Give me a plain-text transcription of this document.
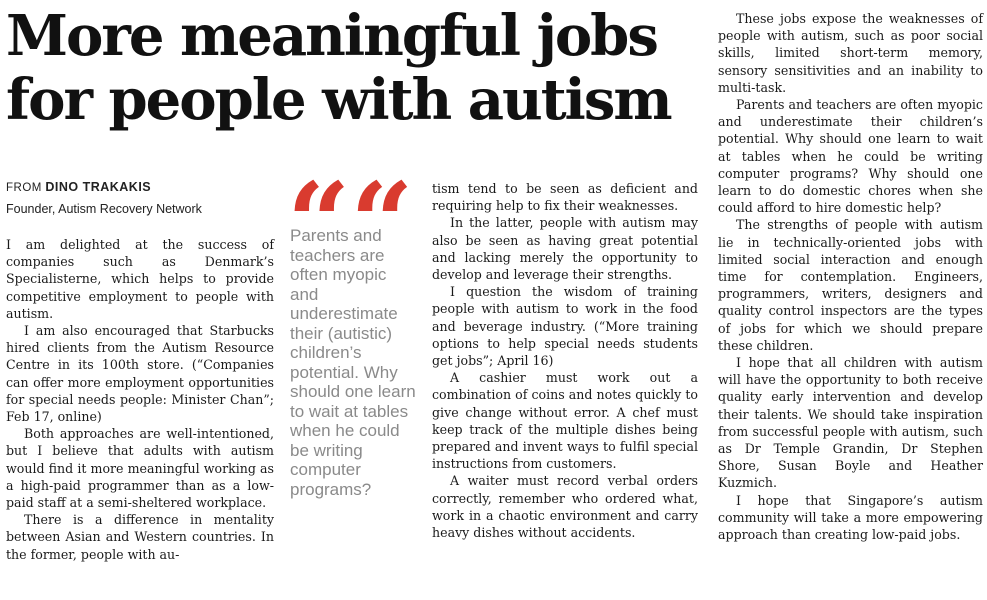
More meaningful jobs for people with autism
FROM DINO TRAKAKIS
Founder, Autism Recovery Network

I am delighted at the success of companies such as Denmark’s Specialisterne, which helps to provide competitive employment to people with autism.

I am also encouraged that Starbucks hired clients from the Autism Resource Centre in its 100th store. (“Companies can offer more employment opportunities for special needs people: Minister Chan”; Feb 17, online)

Both approaches are well-intentioned, but I believe that adults with autism would find it more meaningful working as a high-paid programmer than as a low-paid staff at a semi-sheltered workplace.

There is a difference in mentality between Asian and Western countries. In the former, people with au-

Parents and teachers are often myopic and underestimate their (autistic) children’s potential. Why should one learn to wait at tables when he could be writing computer programs?

tism tend to be seen as deficient and requiring help to fix their weaknesses.

In the latter, people with autism may also be seen as having great potential and lacking merely the opportunity to develop and leverage their strengths.

I question the wisdom of training people with autism to work in the food and beverage industry. (“More training options to help special needs students get jobs”; April 16)

A cashier must work out a combination of coins and notes quickly to give change without error. A chef must keep track of the multiple dishes being prepared and invent ways to fulfil special instructions from customers.

A waiter must record verbal orders correctly, remember who ordered what, work in a chaotic environment and carry heavy dishes without accidents.

These jobs expose the weaknesses of people with autism, such as poor social skills, limited short-term memory, sensory sensitivities and an inability to multi-task.

Parents and teachers are often myopic and underestimate their children’s potential. Why should one learn to wait at tables when he could be writing computer programs? Why should one learn to do domestic chores when she could afford to hire domestic help?

The strengths of people with autism lie in technically-oriented jobs with limited social interaction and enough time for contemplation. Engineers, programmers, writers, designers and quality control inspectors are the types of jobs for which we should prepare these children.

I hope that all children with autism will have the opportunity to both receive quality early intervention and develop their talents. We should take inspiration from successful people with autism, such as Dr Temple Grandin, Dr Stephen Shore, Susan Boyle and Heather Kuzmich.

I hope that Singapore’s autism community will take a more empowering approach than creating low-paid jobs.
